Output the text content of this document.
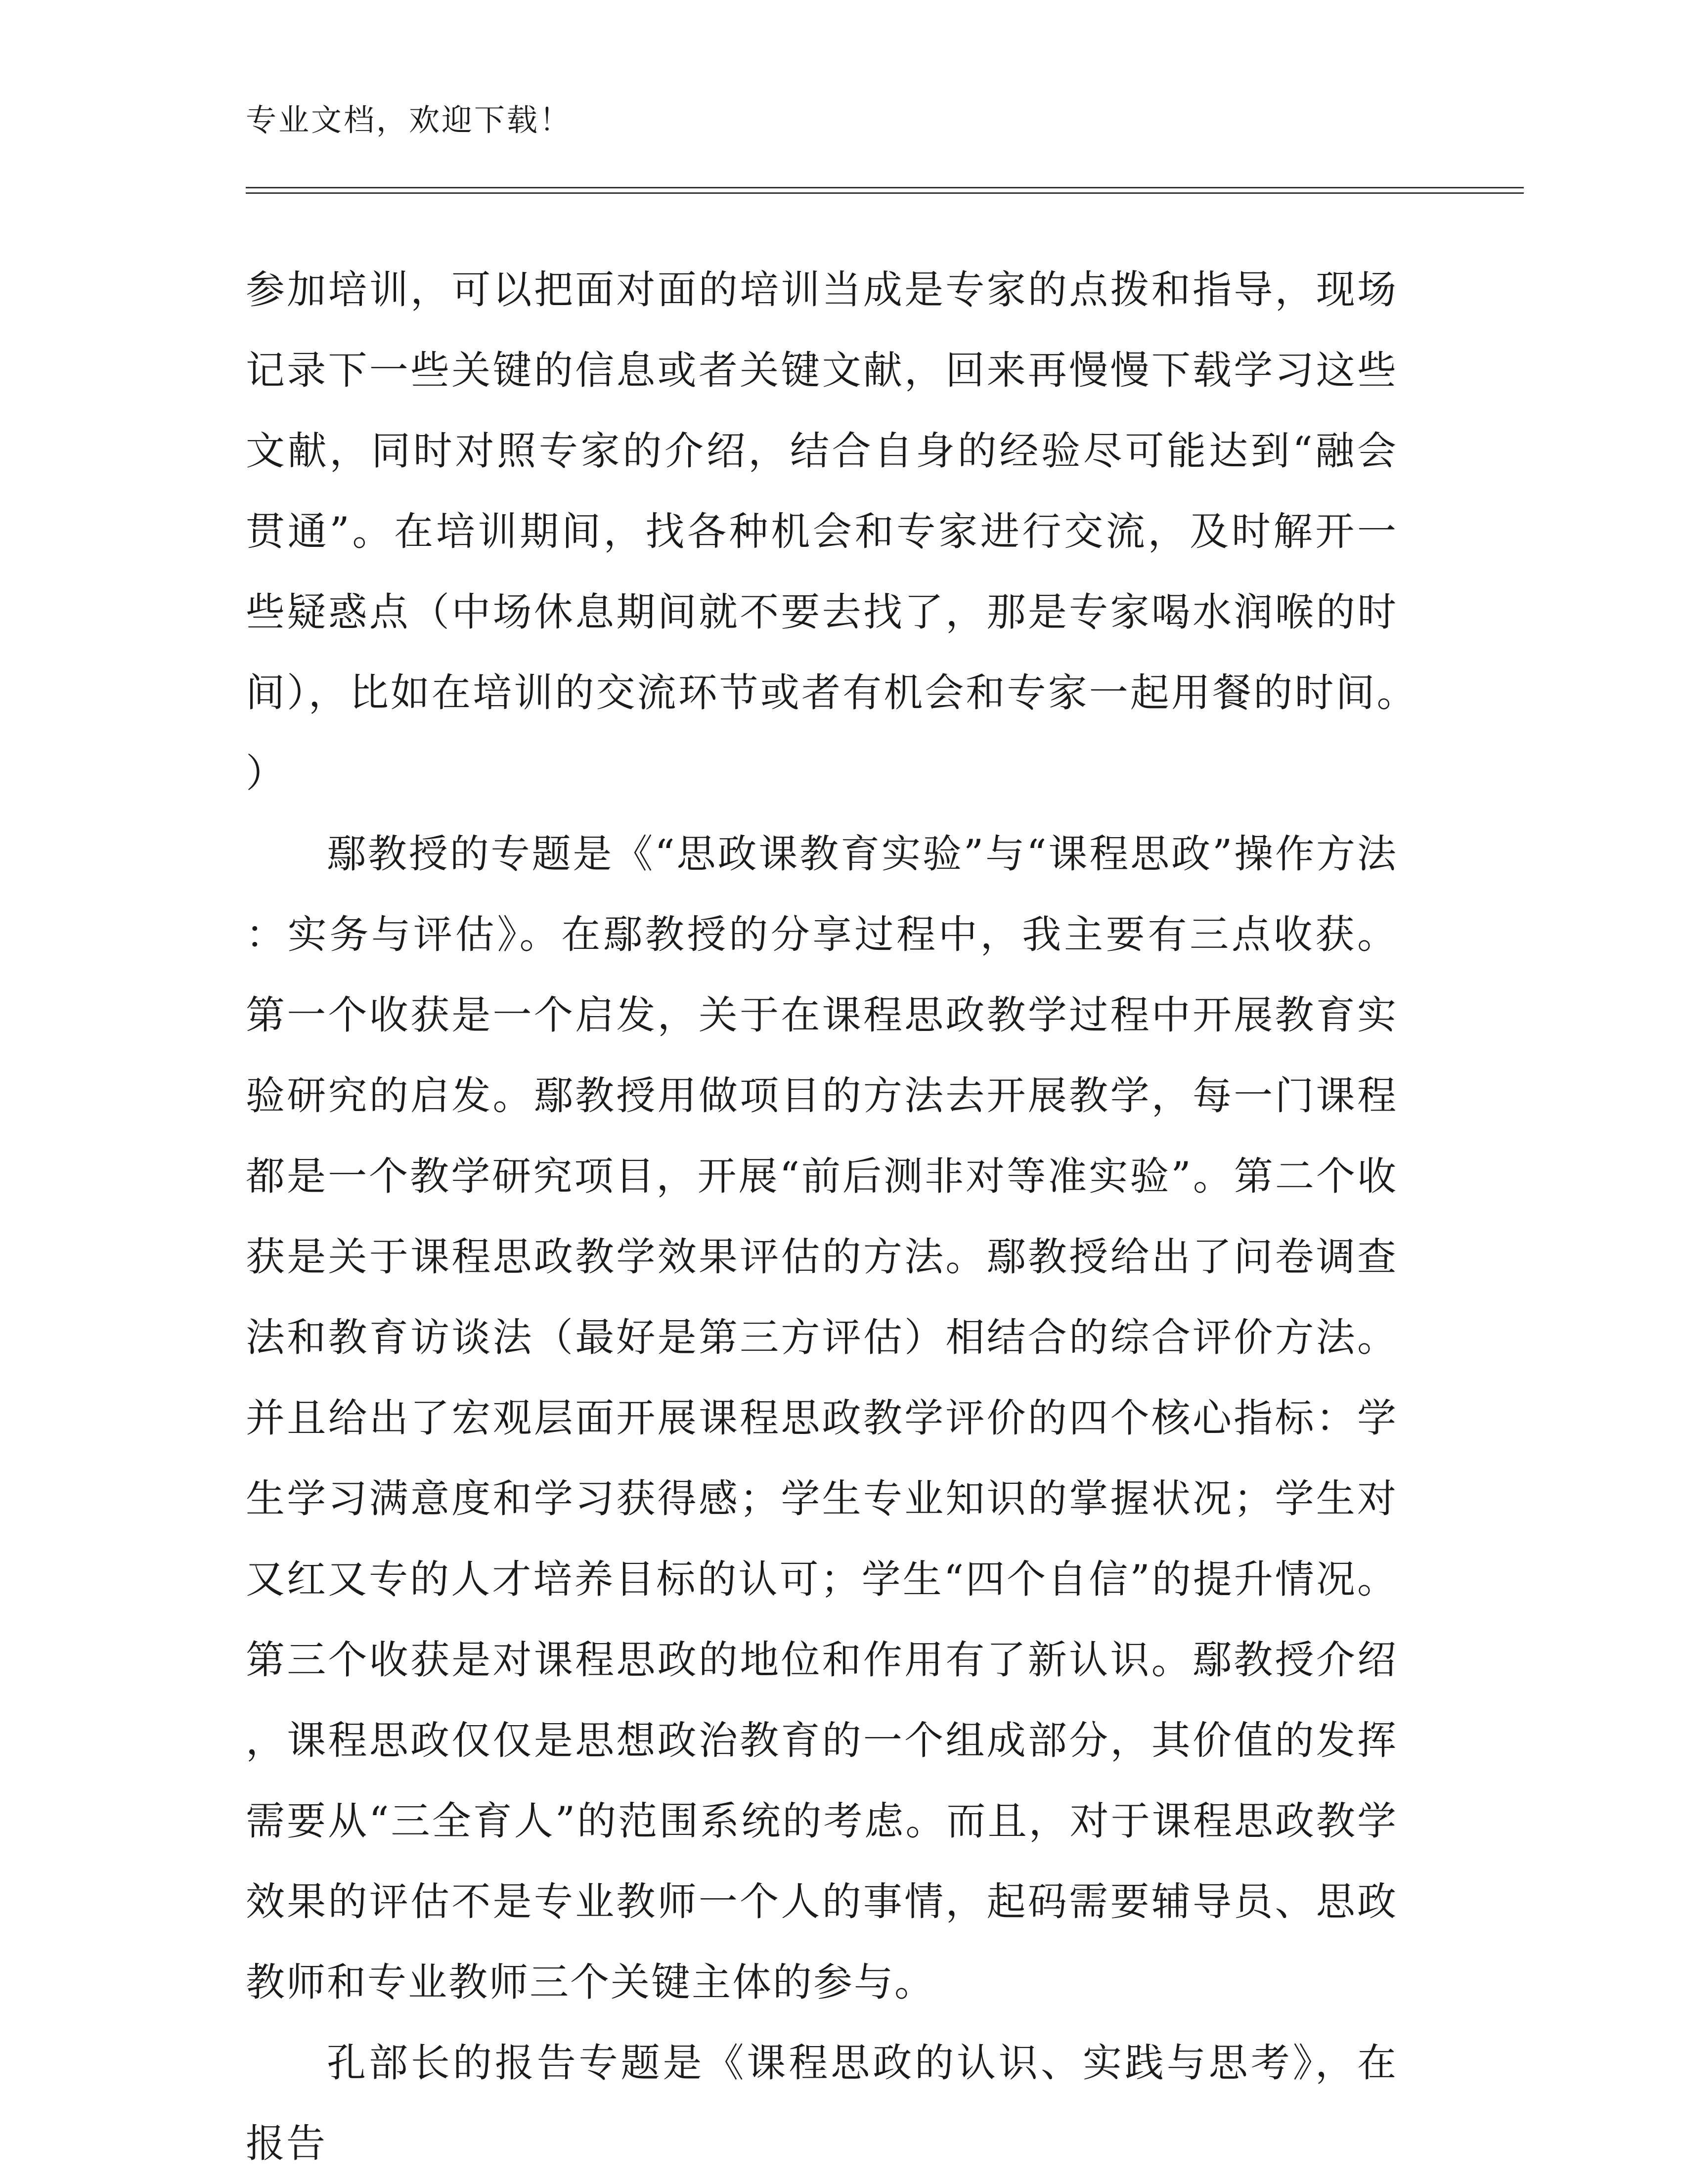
专业文档，欢迎下载！

参加培训，可以把面对面的培训当成是专家的点拨和指导，现场记录下一些关键的信息或者关键文献，回来再慢慢下载学习这些文献，同时对照专家的介绍，结合自身的经验尽可能达到“融会贯通”。在培训期间，找各种机会和专家进行交流，及时解开一些疑惑点（中场休息期间就不要去找了，那是专家喝水润喉的时间），比如在培训的交流环节或者有机会和专家一起用餐的时间。）

鄢教授的专题是《“思政课教育实验”与“课程思政”操作方法：实务与评估》。在鄢教授的分享过程中，我主要有三点收获。第一个收获是一个启发，关于在课程思政教学过程中开展教育实验研究的启发。鄢教授用做项目的方法去开展教学，每一门课程都是一个教学研究项目，开展“前后测非对等准实验”。第二个收获是关于课程思政教学效果评估的方法。鄢教授给出了问卷调查法和教育访谈法（最好是第三方评估）相结合的综合评价方法。并且给出了宏观层面开展课程思政教学评价的四个核心指标：学生学习满意度和学习获得感；学生专业知识的掌握状况；学生对又红又专的人才培养目标的认可；学生“四个自信”的提升情况。第三个收获是对课程思政的地位和作用有了新认识。鄢教授介绍，课程思政仅仅是思想政治教育的一个组成部分，其价值的发挥需要从“三全育人”的范围系统的考虑。而且，对于课程思政教学效果的评估不是专业教师一个人的事情，起码需要辅导员、思政教师和专业教师三个关键主体的参与。

孔部长的报告专题是《课程思政的认识、实践与思考》，在报告
